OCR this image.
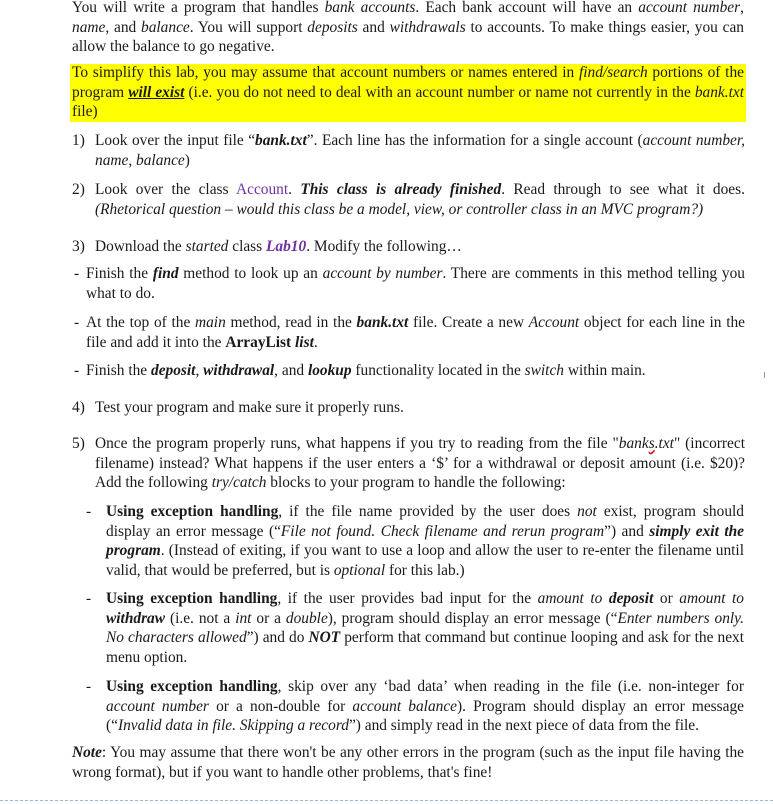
You will write a program that handles bank accounts. Each bank account will have an account number, name, and balance. You will support deposits and withdrawals to accounts. To make things easier, you can allow the balance to go negative.

To simplify this lab, you may assume that account numbers or names entered in find/search portions of the program will exist (i.e. you do not need to deal with an account number or name not currently in the bank.txt file)

1) Look over the input file “bank.txt”. Each line has the information for a single account (account number, name, balance)

2) Look over the class Account. This class is already finished. Read through to see what it does. (Rhetorical question – would this class be a model, view, or controller class in an MVC program?)

3) Download the started class Lab10. Modify the following…

- Finish the find method to look up an account by number. There are comments in this method telling you what to do.

- At the top of the main method, read in the bank.txt file. Create a new Account object for each line in the file and add it into the ArrayList list.

- Finish the deposit, withdrawal, and lookup functionality located in the switch within main.

4) Test your program and make sure it properly runs.

5) Once the program properly runs, what happens if you try to reading from the file "banks.txt" (incorrect filename) instead? What happens if the user enters a ‘$’ for a withdrawal or deposit amount (i.e. $20)? Add the following try/catch blocks to your program to handle the following:

- Using exception handling, if the file name provided by the user does not exist, program should display an error message (“File not found. Check filename and rerun program”) and simply exit the program. (Instead of exiting, if you want to use a loop and allow the user to re-enter the filename until valid, that would be preferred, but is optional for this lab.)

- Using exception handling, if the user provides bad input for the amount to deposit or amount to withdraw (i.e. not a int or a double), program should display an error message (“Enter numbers only. No characters allowed”) and do NOT perform that command but continue looping and ask for the next menu option.

- Using exception handling, skip over any ‘bad data’ when reading in the file (i.e. non-integer for account number or a non-double for account balance). Program should display an error message (“Invalid data in file. Skipping a record”) and simply read in the next piece of data from the file.

Note: You may assume that there won't be any other errors in the program (such as the input file having the wrong format), but if you want to handle other problems, that's fine!
